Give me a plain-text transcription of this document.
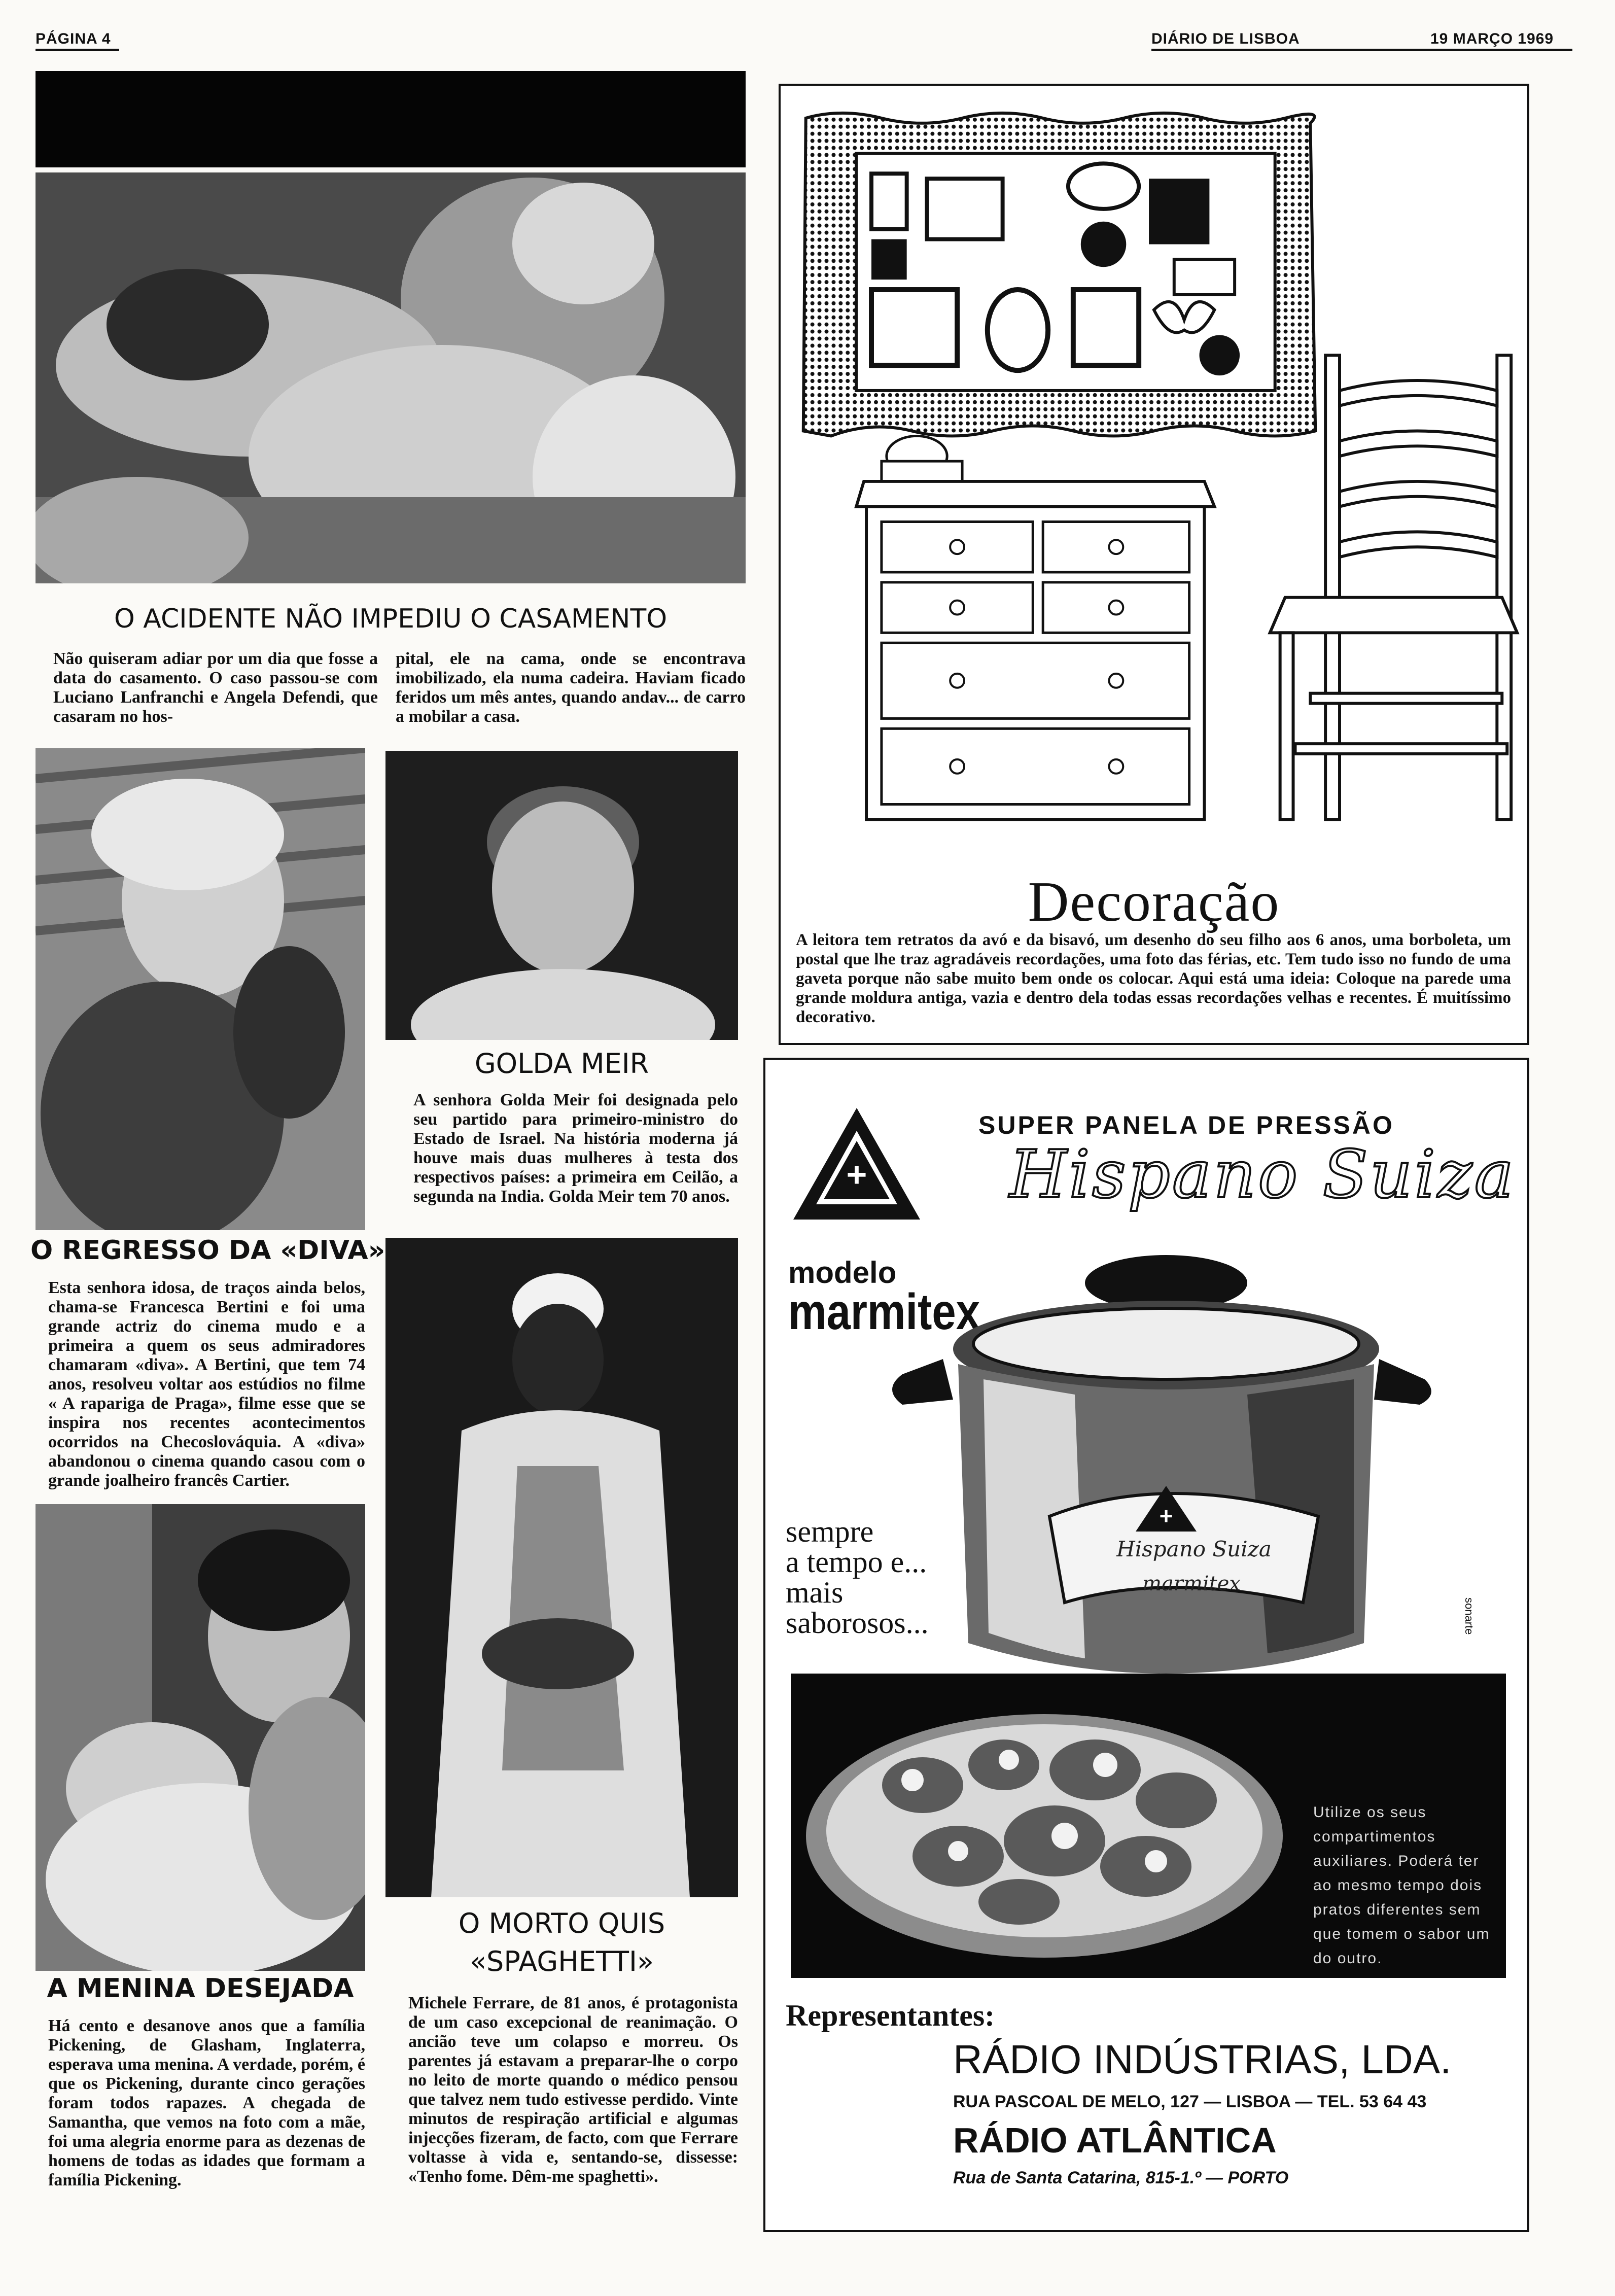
PÁGINA 4	DIÁRIO DE LISBOA	19 MARÇO 1969
O ACIDENTE NÃO IMPEDIU O CASAMENTO
Não quiseram adiar por um dia que fosse a data do casamento. O caso passou-se com Luciano Lanfranchi e Angela Defendi, que casaram no hos-
pital, ele na cama, onde se encontrava imobilizado, ela numa cadeira. Haviam ficado feridos um mês antes, quando andav... de carro a mobilar a casa.
O REGRESSO DA «DIVA»
Esta senhora idosa, de traços ainda belos, chama-se Francesca Bertini e foi uma grande actriz do cinema mudo e a primeira a quem os seus admiradores chamaram «diva». A Bertini, que tem 74 anos, resolveu voltar aos estúdios no filme « A rapariga de Praga», filme esse que se inspira nos recentes acontecimentos ocorridos na Checoslováquia. A «diva» abandonou o cinema quando casou com o grande joalheiro francês Cartier.
GOLDA MEIR
A senhora Golda Meir foi designada pelo seu partido para primeiro-ministro do Estado de Israel. Na história moderna já houve mais duas mulheres à testa dos respectivos países: a primeira em Ceilão, a segunda na India. Golda Meir tem 70 anos.
A MENINA DESEJADA
Há cento e desanove anos que a família Pickening, de Glasham, Inglaterra, esperava uma menina. A verdade, porém, é que os Pickening, durante cinco gerações foram todos rapazes. A chegada de Samantha, que vemos na foto com a mãe, foi uma alegria enorme para as dezenas de homens de todas as idades que formam a família Pickening.
O MORTO QUIS
«SPAGHETTI»
Michele Ferrare, de 81 anos, é protagonista de um caso excepcional de reanimação. O ancião teve um colapso e morreu. Os parentes já estavam a preparar-lhe o corpo no leito de morte quando o médico pensou que talvez nem tudo estivesse perdido. Vinte minutos de respiração artificial e algumas injecções fizeram, de facto, com que Ferrare voltasse à vida e, sentando-se, dissesse: «Tenho fome. Dêm-me spaghetti».
Decoração
A leitora tem retratos da avó e da bisavó, um desenho do seu filho aos 6 anos, uma borboleta, um postal que lhe traz agradáveis recordações, uma foto das férias, etc. Tem tudo isso no fundo de uma gaveta porque não sabe muito bem onde os colocar. Aqui está uma ideia: Coloque na parede uma grande moldura antiga, vazia e dentro dela todas essas recordações velhas e recentes. É muitíssimo decorativo.
+
SUPER PANELA DE PRESSÃO
Hispano Suiza
modelo
marmitex
+
Hispano Suiza
marmitex
sempre
a tempo e...
mais
saborosos...	sonarte
Utilize os seus compartimentos auxiliares. Poderá ter ao mesmo tempo dois pratos diferentes sem que tomem o sabor um do outro.
Representantes:
RÁDIO INDÚSTRIAS, LDA.
RUA PASCOAL DE MELO, 127 — LISBOA — TEL. 53 64 43
RÁDIO ATLÂNTICA
Rua de Santa Catarina, 815-1.º — PORTO
